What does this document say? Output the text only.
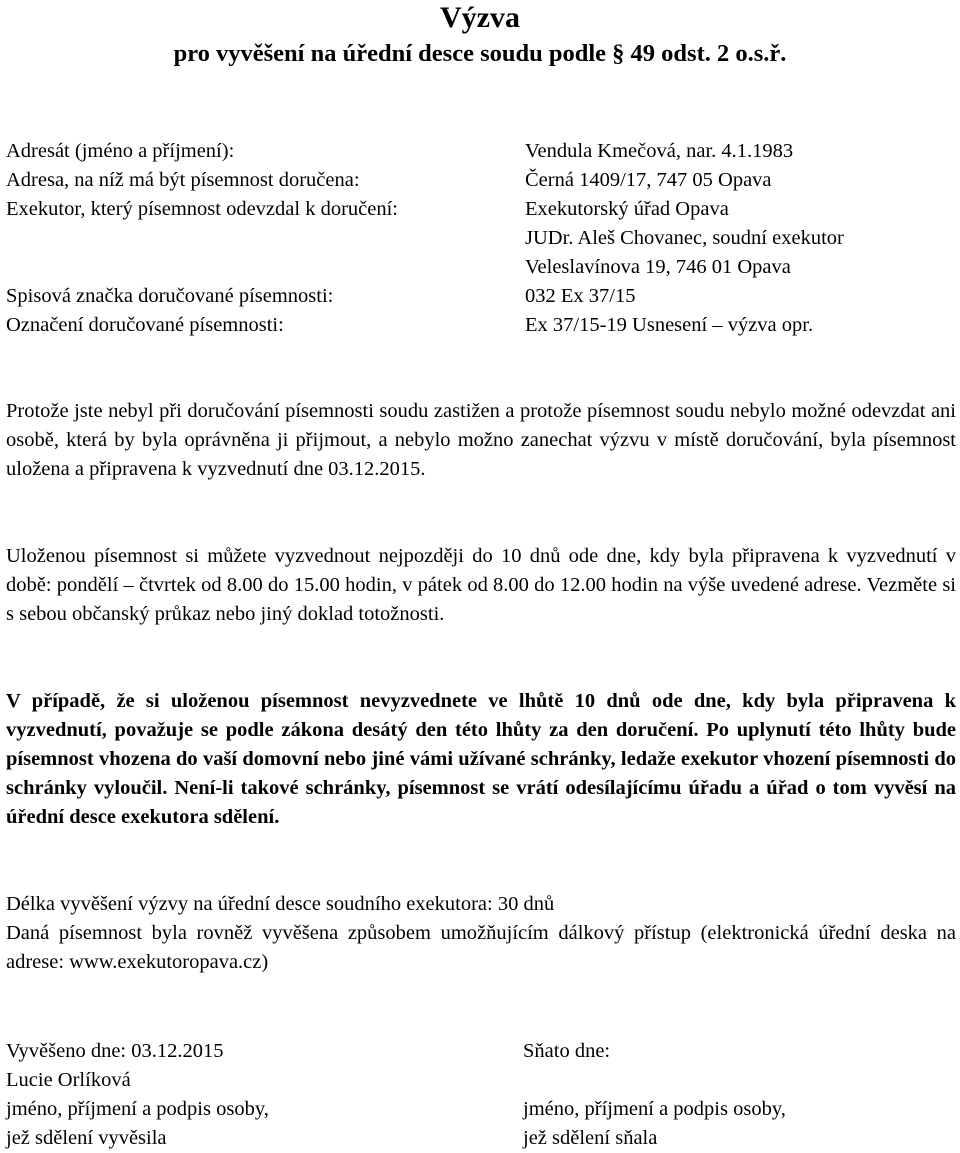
Výzva
pro vyvěšení na úřední desce soudu podle § 49 odst. 2 o.s.ř.
Adresát (jméno a příjmení):	Vendula Kmečová, nar. 4.1.1983
Adresa, na níž má být písemnost doručena:	Černá 1409/17, 747 05 Opava
Exekutor, který písemnost odevzdal k doručení:	Exekutorský úřad Opava
JUDr. Aleš Chovanec, soudní exekutor
Veleslavínova 19, 746 01 Opava
Spisová značka doručované písemnosti:	032 Ex 37/15
Označení doručované písemnosti:	Ex 37/15-19 Usnesení – výzva opr.

Protože jste nebyl při doručování písemnosti soudu zastižen a protože písemnost soudu nebylo možné odevzdat ani osobě, která by byla oprávněna ji přijmout, a nebylo možno zanechat výzvu v místě doručování, byla písemnost uložena a připravena k vyzvednutí dne 03.12.2015.

Uloženou písemnost si můžete vyzvednout nejpozději do 10 dnů ode dne, kdy byla připravena k vyzvednutí v době: pondělí – čtvrtek od 8.00 do 15.00 hodin, v pátek od 8.00 do 12.00 hodin na výše uvedené adrese. Vezměte si s sebou občanský průkaz nebo jiný doklad totožnosti.

V případě, že si uloženou písemnost nevyzvednete ve lhůtě 10 dnů ode dne, kdy byla připravena k vyzvednutí, považuje se podle zákona desátý den této lhůty za den doručení. Po uplynutí této lhůty bude písemnost vhozena do vaší domovní nebo jiné vámi užívané schránky, ledaže exekutor vhození písemnosti do schránky vyloučil. Není-li takové schránky, písemnost se vrátí odesílajícímu úřadu a úřad o tom vyvěsí na úřední desce exekutora sdělení.

Délka vyvěšení výzvy na úřední desce soudního exekutora: 30 dnů

Daná písemnost byla rovněž vyvěšena způsobem umožňujícím dálkový přístup (elektronická úřední deska na adrese: www.exekutoropava.cz)

Vyvěšeno dne: 03.12.2015
Lucie Orlíková
jméno, příjmení a podpis osoby,
jež sdělení vyvěsila
Sňato dne:
jméno, příjmení a podpis osoby,
jež sdělení sňala
